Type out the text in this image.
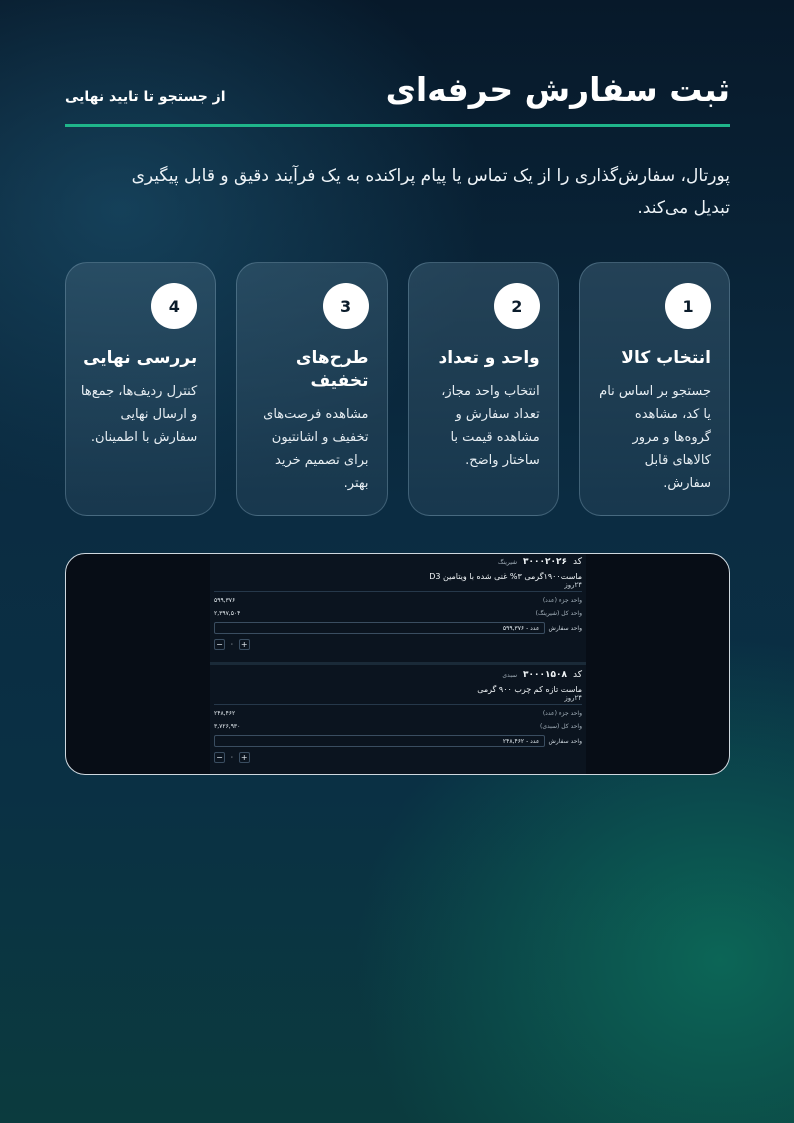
ثبت سفارش حرفه‌ای
از جستجو تا تایید نهایی

پورتال، سفارش‌گذاری را از یک تماس یا پیام پراکنده به یک فرآیند دقیق و قابل پیگیری تبدیل می‌کند.

1
انتخاب کالا

جستجو بر اساس نام یا کد، مشاهده گروه‌ها و مرور کالاهای قابل سفارش.

2
واحد و تعداد

انتخاب واحد مجاز، تعداد سفارش و مشاهده قیمت با ساختار واضح.

3
طرح‌های تخفیف

مشاهده فرصت‌های تخفیف و اشانتیون برای تصمیم خرید بهتر.

4
بررسی نهایی

کنترل ردیف‌ها، جمع‌ها و ارسال نهایی سفارش با اطمینان.

کد
۳۰۰۰۲۰۲۶
شیرینگ
ماست۱۹۰۰گرمی ۳% غنی شده با ویتامین D3
۲۴روز
واحد جزء (عدد)
۵۹۹,۳۷۶
واحد کل (شیرینگ)
۲,۳۹۷,۵۰۴
واحد سفارش
عدد - ۵۹۹,۳۷۶
−	۰ +
کد
۳۰۰۰۱۵۰۸
سبدی
ماست تازه کم چرب ۹۰۰ گرمی
۲۴روز
واحد جزء (عدد)
۲۴۸,۴۶۲
واحد کل (سبدی)
۳,۷۲۶,۹۳۰
واحد سفارش
عدد - ۲۴۸,۴۶۲
−	۰ +
